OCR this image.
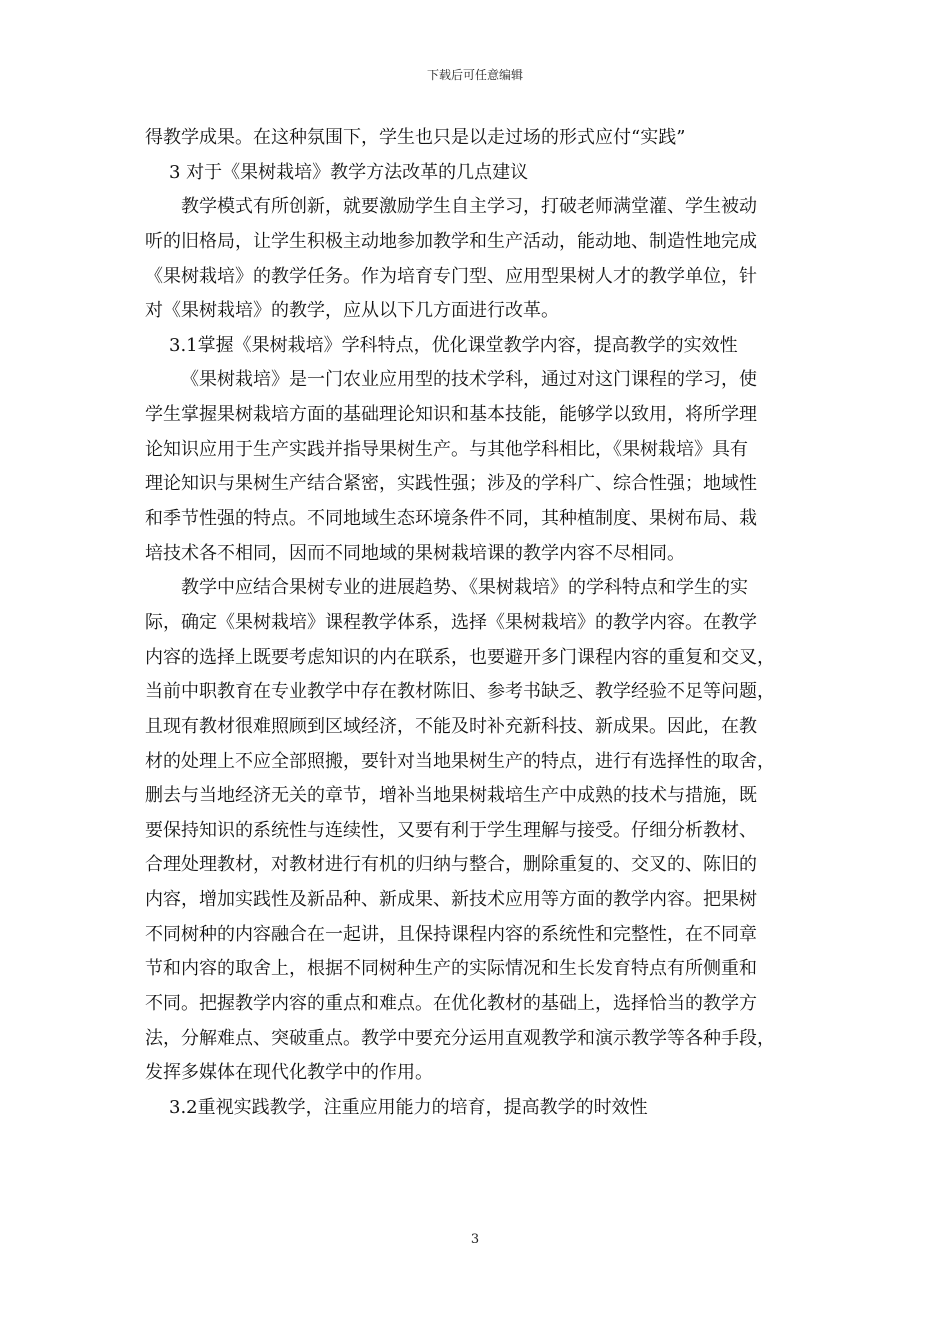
下载后可任意编辑
得教学成果。在这种氛围下，学生也只是以走过场的形式应付“实践”
3 对于《果树栽培》教学方法改革的几点建议
教学模式有所创新，就要激励学生自主学习，打破老师满堂灌、学生被动
听的旧格局，让学生积极主动地参加教学和生产活动，能动地、制造性地完成
《果树栽培》的教学任务。作为培育专门型、应用型果树人才的教学单位，针
对《果树栽培》的教学，应从以下几方面进行改革。
3.1掌握《果树栽培》学科特点，优化课堂教学内容，提高教学的实效性
《果树栽培》是一门农业应用型的技术学科，通过对这门课程的学习，使
学生掌握果树栽培方面的基础理论知识和基本技能，能够学以致用，将所学理
论知识应用于生产实践并指导果树生产。与其他学科相比，《果树栽培》具有
理论知识与果树生产结合紧密，实践性强；涉及的学科广、综合性强；地域性
和季节性强的特点。不同地域生态环境条件不同，其种植制度、果树布局、栽
培技术各不相同，因而不同地域的果树栽培课的教学内容不尽相同。
教学中应结合果树专业的进展趋势、《果树栽培》的学科特点和学生的实
际，确定《果树栽培》课程教学体系，选择《果树栽培》的教学内容。在教学
内容的选择上既要考虑知识的内在联系，也要避开多门课程内容的重复和交叉，
当前中职教育在专业教学中存在教材陈旧、参考书缺乏、教学经验不足等问题，
且现有教材很难照顾到区域经济，不能及时补充新科技、新成果。因此，在教
材的处理上不应全部照搬，要针对当地果树生产的特点，进行有选择性的取舍，
删去与当地经济无关的章节，增补当地果树栽培生产中成熟的技术与措施，既
要保持知识的系统性与连续性，又要有利于学生理解与接受。仔细分析教材、
合理处理教材，对教材进行有机的归纳与整合，删除重复的、交叉的、陈旧的
内容，增加实践性及新品种、新成果、新技术应用等方面的教学内容。把果树
不同树种的内容融合在一起讲，且保持课程内容的系统性和完整性，在不同章
节和内容的取舍上，根据不同树种生产的实际情况和生长发育特点有所侧重和
不同。把握教学内容的重点和难点。在优化教材的基础上，选择恰当的教学方
法，分解难点、突破重点。教学中要充分运用直观教学和演示教学等各种手段，
发挥多媒体在现代化教学中的作用。
3.2重视实践教学，注重应用能力的培育，提高教学的时效性
3
